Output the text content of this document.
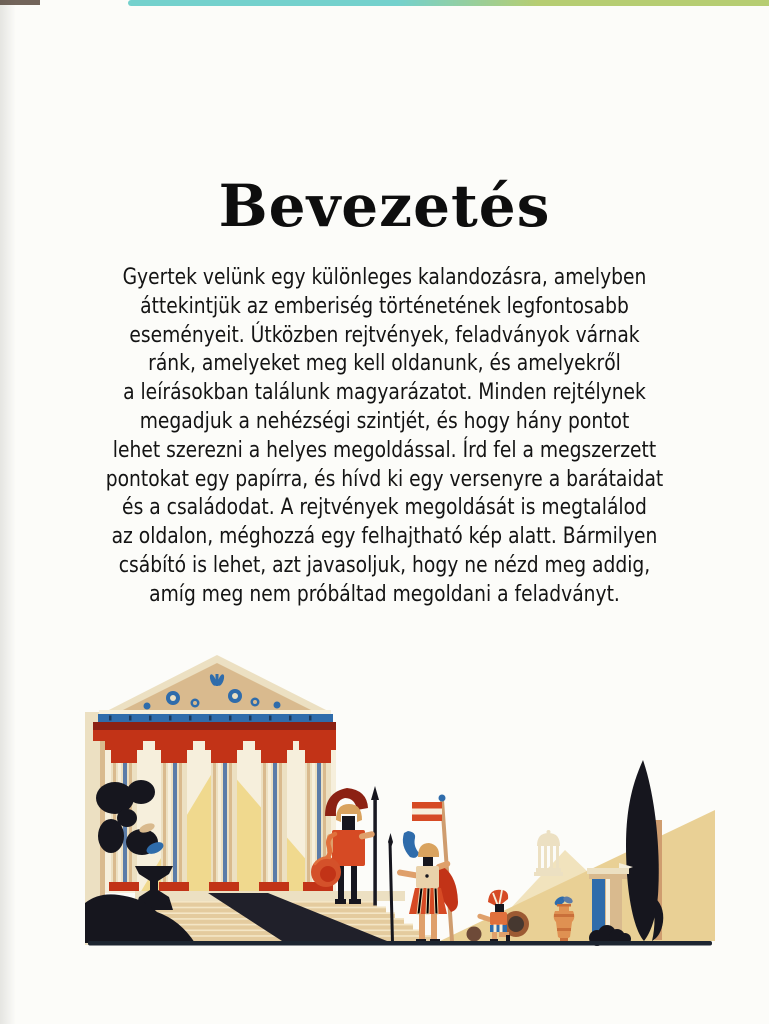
Bevezetés
Gyertek velünk egy különleges kalandozásra, amelyben
áttekintjük az emberiség történetének legfontosabb
eseményeit. Útközben rejtvények, feladványok várnak
ránk, amelyeket meg kell oldanunk, és amelyekről
a leírásokban találunk magyarázatot. Minden rejtélynek
megadjuk a nehézségi szintjét, és hogy hány pontot
lehet szerezni a helyes megoldással. Írd fel a megszerzett
pontokat egy papírra, és hívd ki egy versenyre a barátaidat
és a családodat. A rejtvények megoldását is megtalálod
az oldalon, méghozzá egy felhajtható kép alatt. Bármilyen
csábító is lehet, azt javasoljuk, hogy ne nézd meg addig,
amíg meg nem próbáltad megoldani a feladványt.
